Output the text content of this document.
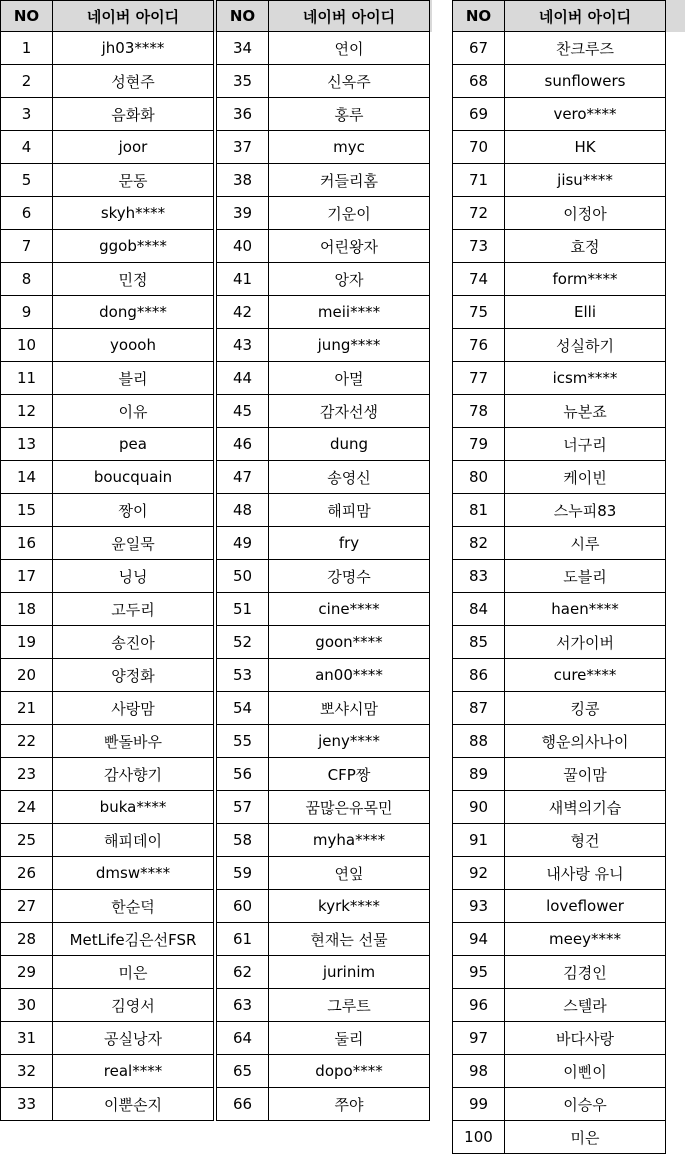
NO	네이버 아이디
1	jh03****
2	성현주
3	음화화
4	joor
5	문동
6	skyh****
7	ggob****
8	민정
9	dong****
10	yoooh
11	블리
12	이유
13	pea
14	boucquain
15	짱이
16	윤일묵
17	닝닝
18	고두리
19	송진아
20	양정화
21	사랑맘
22	빤돌바우
23	감사향기
24	buka****
25	해피데이
26	dmsw****
27	한순덕
28	MetLife김은선FSR
29	미은
30	김영서
31	공실낭자
32	real****
33	이뿐손지
NO	네이버 아이디
34	연이
35	신옥주
36	홍루
37	myc
38	커들리홈
39	기운이
40	어린왕자
41	앙자
42	meii****
43	jung****
44	아멀
45	감자선생
46	dung
47	송영신
48	해피맘
49	fry
50	강명수
51	cine****
52	goon****
53	an00****
54	뽀샤시맘
55	jeny****
56	CFP짱
57	꿈많은유목민
58	myha****
59	연잎
60	kyrk****
61	현재는 선물
62	jurinim
63	그루트
64	둘리
65	dopo****
66	쭈야
NO	네이버 아이디
67	찬크루즈
68	sunflowers
69	vero****
70	HK
71	jisu****
72	이정아
73	효정
74	form****
75	Elli
76	성실하기
77	icsm****
78	뉴본죠
79	너구리
80	케이빈
81	스누피83
82	시루
83	도블리
84	haen****
85	서가이버
86	cure****
87	킹콩
88	행운의사나이
89	꿀이맘
90	새벽의기습
91	형건
92	내사랑 유니
93	loveflower
94	meey****
95	김경인
96	스텔라
97	바다사랑
98	이삔이
99	이승우
100	미은
